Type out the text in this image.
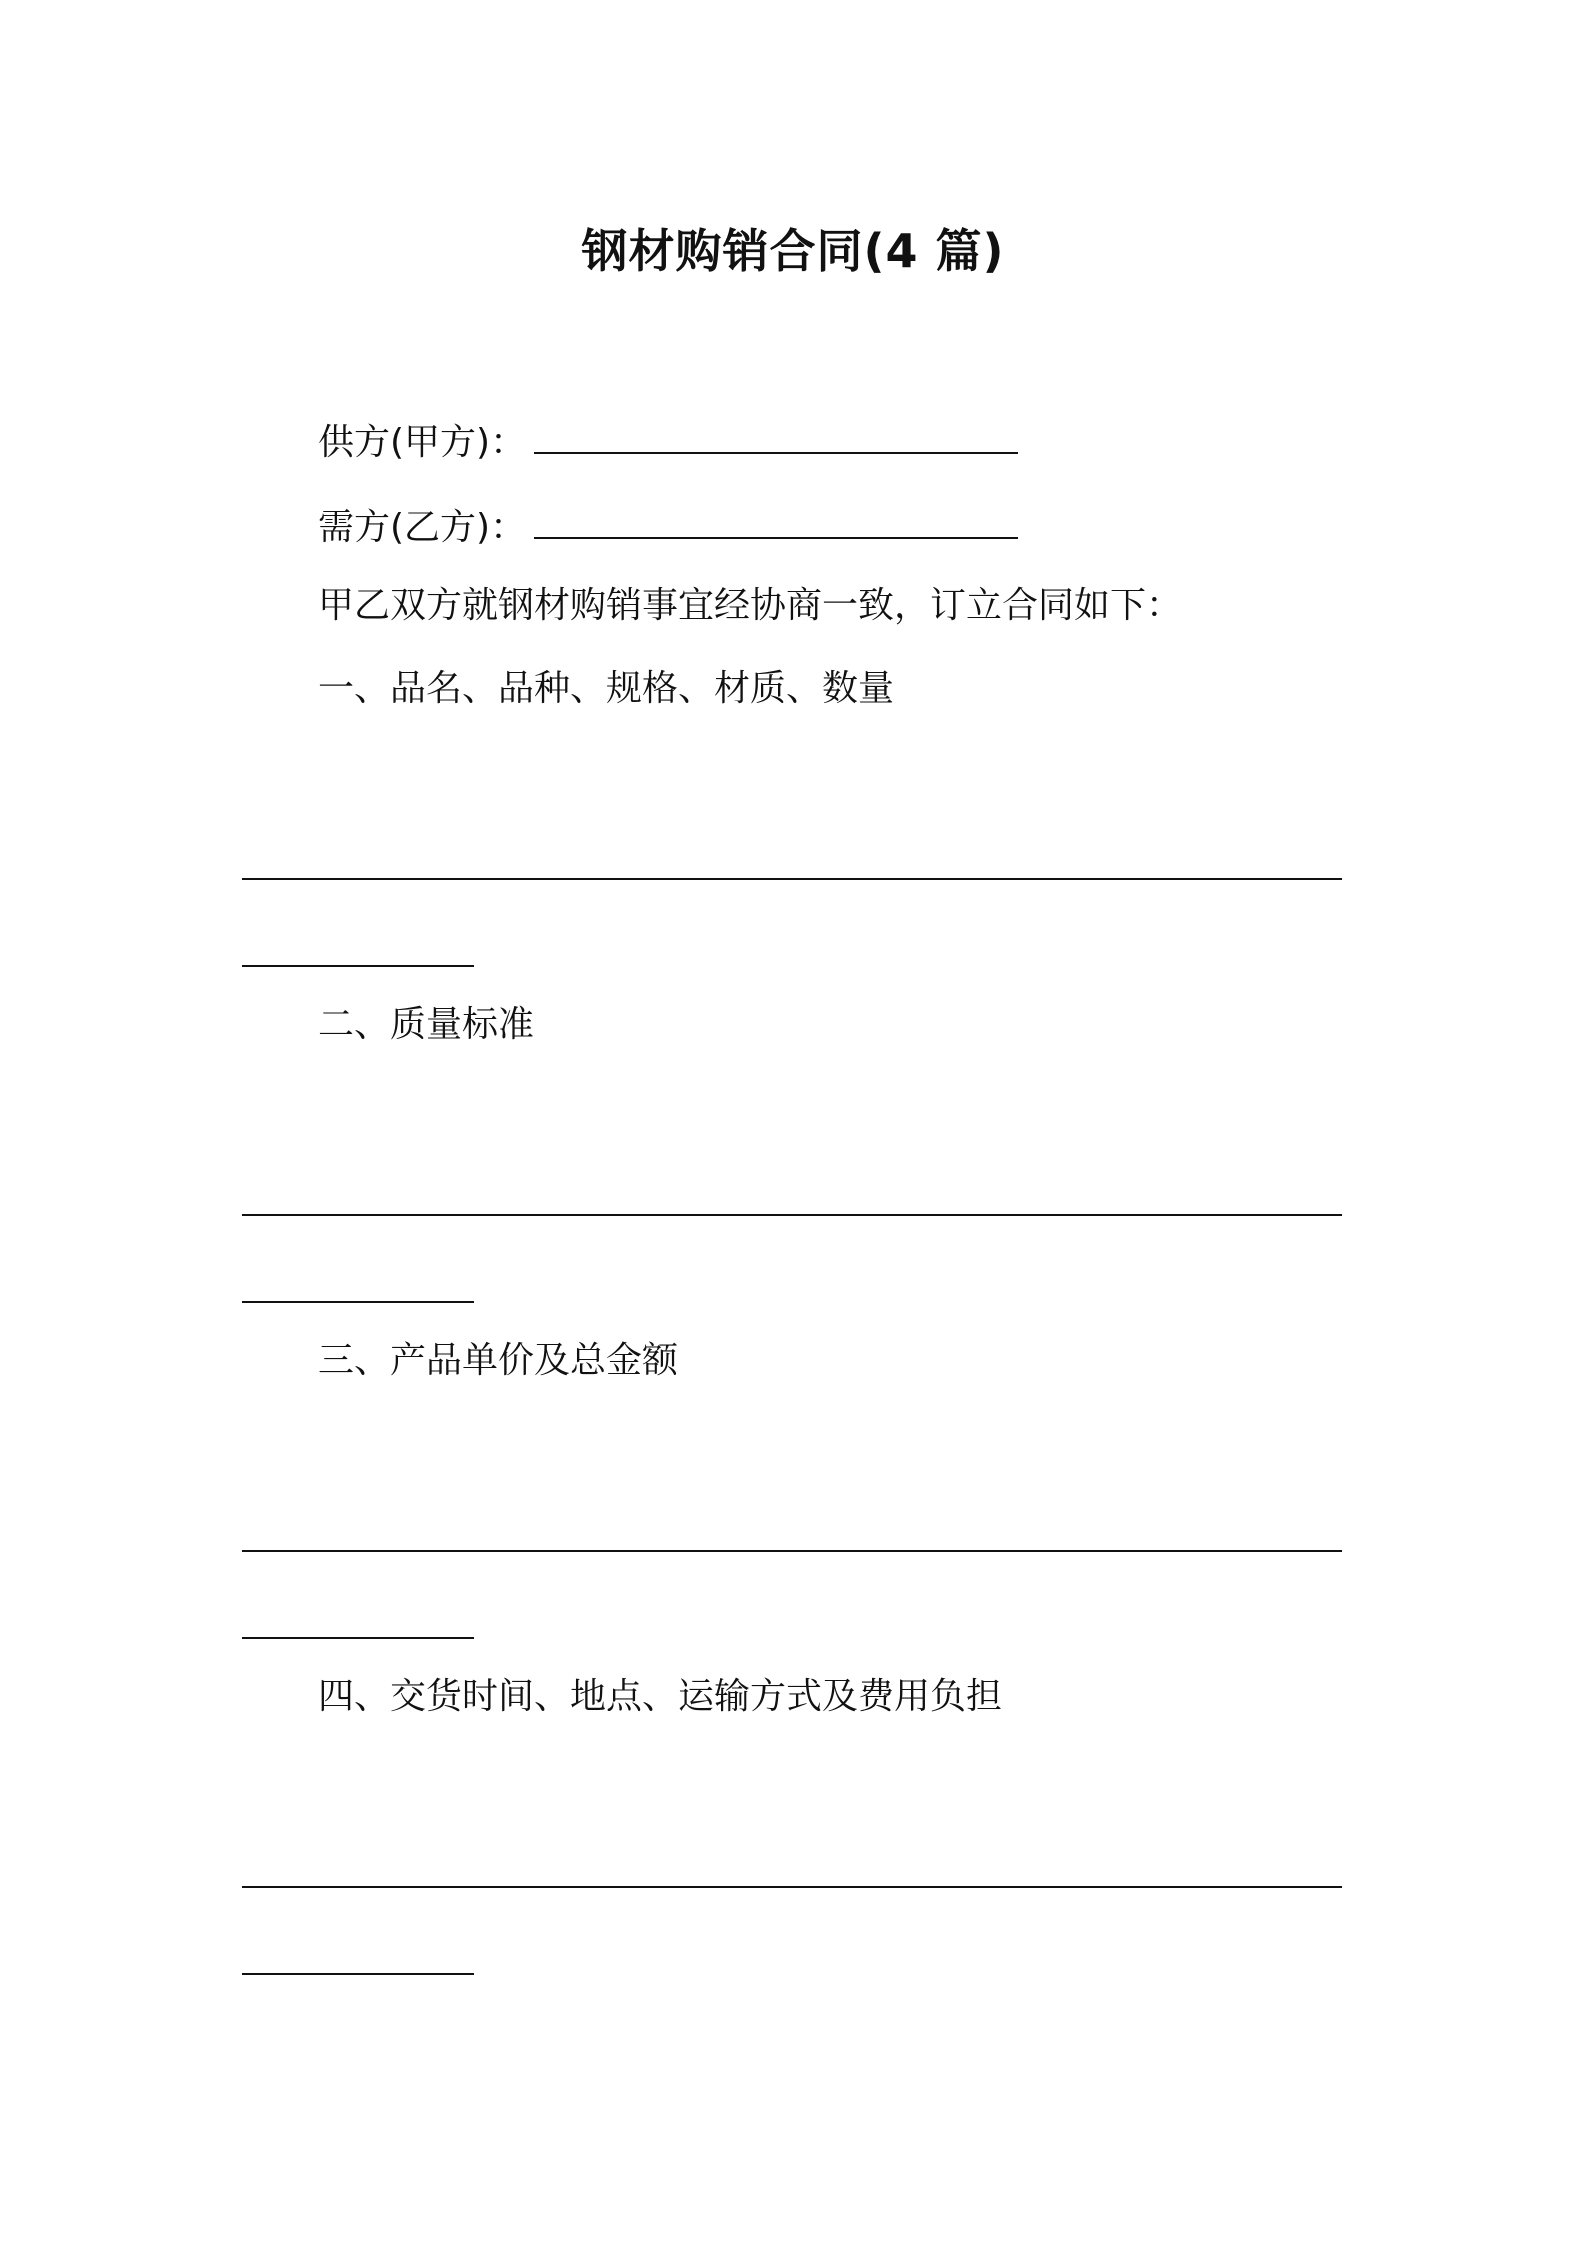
钢材购销合同(4 篇)
供方(甲方)：
需方(乙方)：
甲乙双方就钢材购销事宜经协商一致，订立合同如下：
一、品名、品种、规格、材质、数量
二、质量标准
三、产品单价及总金额
四、交货时间、地点、运输方式及费用负担
